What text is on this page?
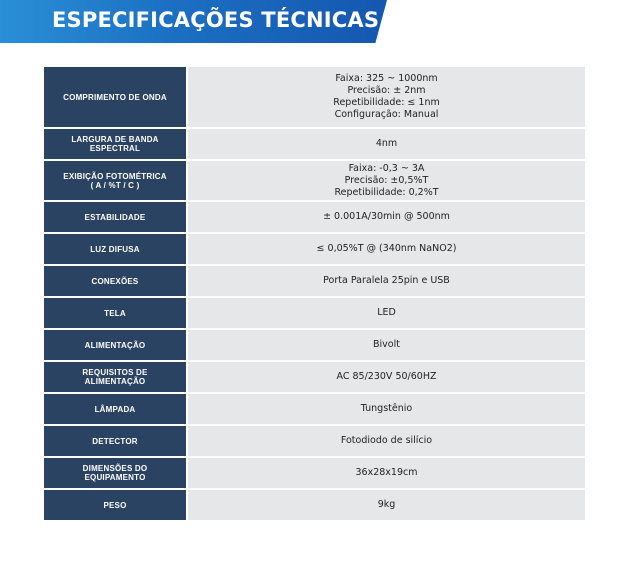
ESPECIFICAÇÕES TÉCNICAS
COMPRIMENTO DE ONDA	Faixa: 325 ~ 1000nm
Precisão: ± 2nm
Repetibilidade: ≤ 1nm
Configuração: Manual

LARGURA DE BANDA
ESPECTRAL	4nm

EXIBIÇÃO FOTOMÉTRICA
( A / %T / C )	Faixa: -0,3 ~ 3A
Precisão: ±0,5%T
Repetibilidade: 0,2%T

ESTABILIDADE	± 0.001A/30min @ 500nm
LUZ DIFUSA	≤ 0,05%T @ (340nm NaNO2)
CONEXÕES	Porta Paralela 25pin e USB
TELA	LED
ALIMENTAÇÃO	Bivolt

REQUISITOS DE
ALIMENTAÇÃO	AC 85/230V 50/60HZ
LÂMPADA	Tungstênio
DETECTOR	Fotodiodo de silício

DIMENSÕES DO
EQUIPAMENTO	36x28x19cm
PESO	9kg
